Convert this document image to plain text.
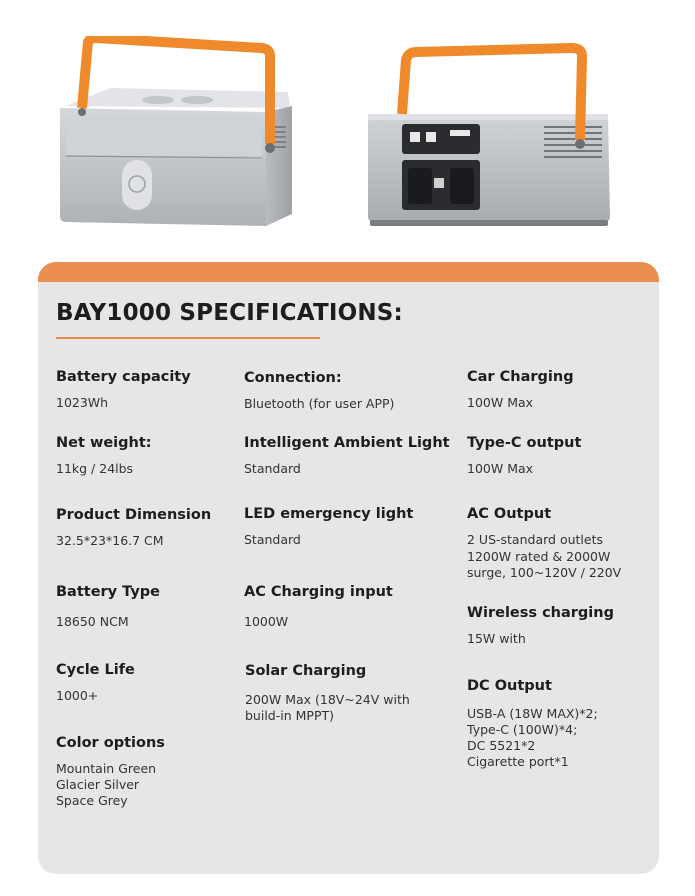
BAY1000 SPECIFICATIONS:
Battery capacity
1023Wh
Net weight:
11kg / 24lbs
Product Dimension
32.5*23*16.7 CM
Battery Type
18650 NCM
Cycle Life
1000+
Color options
Mountain Green
Glacier Silver
Space Grey
Connection:
Bluetooth (for user APP)
Intelligent Ambient Light
Standard
LED emergency light
Standard
AC Charging input
1000W
Solar Charging
200W Max (18V~24V with
build-in MPPT)
Car Charging
100W Max
Type-C output
100W Max
AC Output
2 US-standard outlets
1200W rated & 2000W
surge, 100~120V / 220V
Wireless charging
15W with
DC Output
USB-A (18W MAX)*2;
Type-C (100W)*4;
DC 5521*2
Cigarette port*1
